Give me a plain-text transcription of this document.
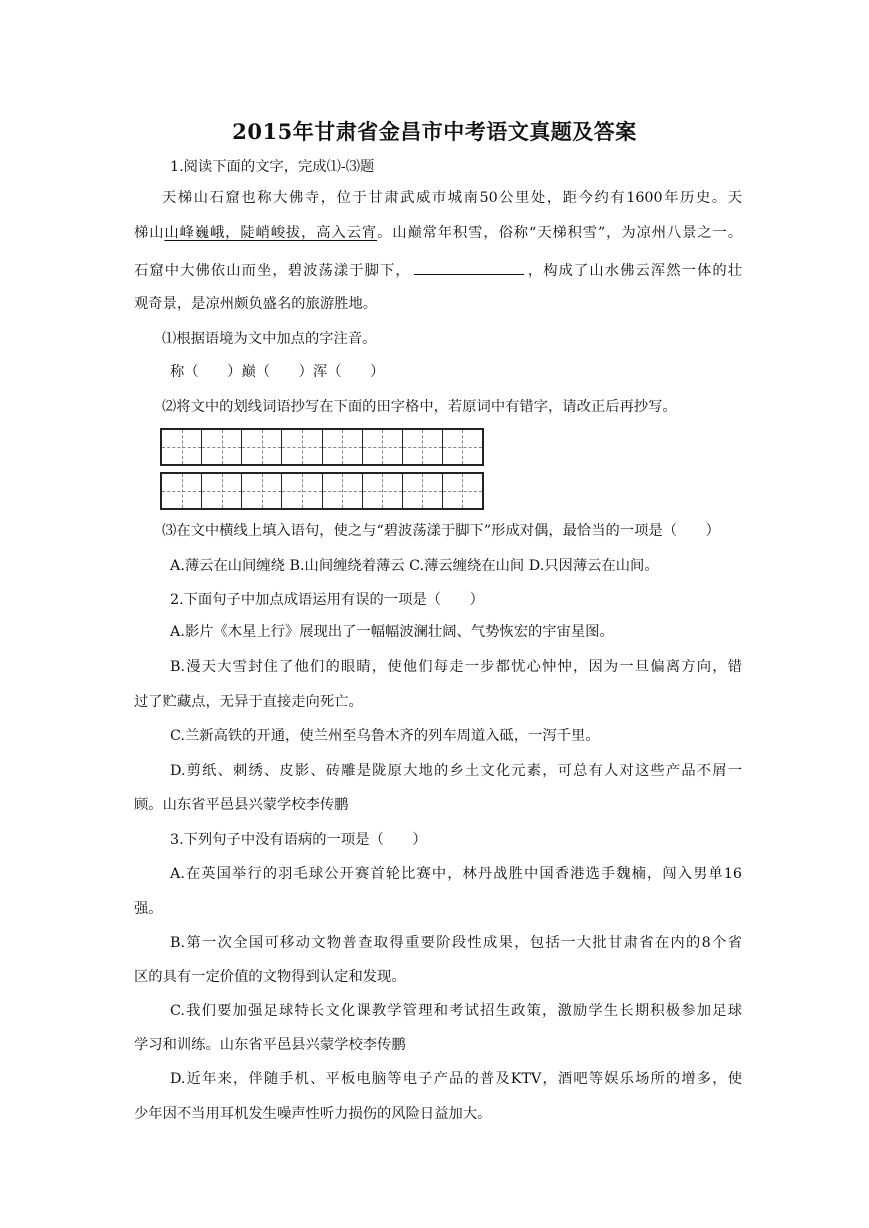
2015年甘肃省金昌市中考语文真题及答案
1.阅读下面的文字，完成⑴-⑶题
天梯山石窟也称大佛寺，位于甘肃武威市城南50公里处，距今约有1600年历史。天
梯山山峰巍峨，陡峭峻拔，高入云宵。山巅常年积雪，俗称“天梯积雪”，为凉州八景之一。
石窟中大佛依山而坐，碧波荡漾于脚下，	，构成了山水佛云浑然一体的壮
观奇景，是凉州颇负盛名的旅游胜地。
⑴根据语境为文中加点的字注音。
称（　　）巅（　　）浑（　　）
⑵将文中的划线词语抄写在下面的田字格中，若原词中有错字，请改正后再抄写。
⑶在文中横线上填入语句，使之与“碧波荡漾于脚下”形成对偶，最恰当的一项是（　　）
A.薄云在山间缠绕 B.山间缠绕着薄云 C.薄云缠绕在山间 D.只因薄云在山间。
2.下面句子中加点成语运用有误的一项是（　　）
A.影片《木星上行》展现出了一幅幅波澜壮阔、气势恢宏的宇宙星图。
B.漫天大雪封住了他们的眼睛，使他们每走一步都忧心忡忡，因为一旦偏离方向，错
过了贮藏点，无异于直接走向死亡。
C.兰新高铁的开通，使兰州至乌鲁木齐的列车周道入砥，一泻千里。
D.剪纸、刺绣、皮影、砖雕是陇原大地的乡土文化元素，可总有人对这些产品不屑一
顾。山东省平邑县兴蒙学校李传鹏
3.下列句子中没有语病的一项是（　　）
A.在英国举行的羽毛球公开赛首轮比赛中，林丹战胜中国香港选手魏楠，闯入男单16
强。
B.第一次全国可移动文物普查取得重要阶段性成果，包括一大批甘肃省在内的8个省
区的具有一定价值的文物得到认定和发现。
C.我们要加强足球特长文化课教学管理和考试招生政策，激励学生长期积极参加足球
学习和训练。山东省平邑县兴蒙学校李传鹏
D.近年来，伴随手机、平板电脑等电子产品的普及KTV，酒吧等娱乐场所的增多，使
少年因不当用耳机发生噪声性听力损伤的风险日益加大。
